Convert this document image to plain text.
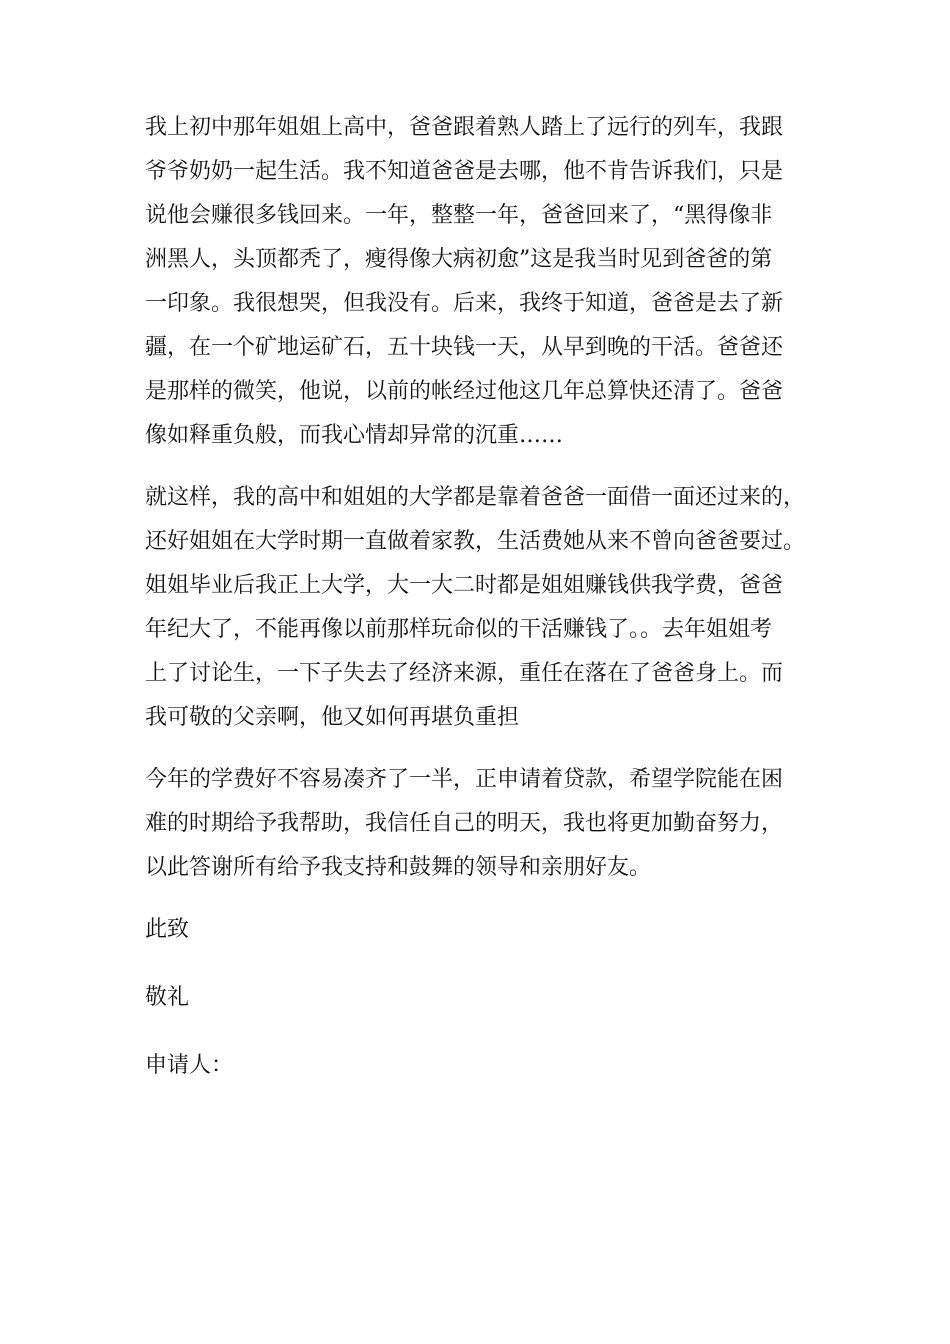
我上初中那年姐姐上高中，爸爸跟着熟人踏上了远行的列车，我跟
爷爷奶奶一起生活。我不知道爸爸是去哪，他不肯告诉我们，只是
说他会赚很多钱回来。一年，整整一年，爸爸回来了，“黑得像非
洲黑人，头顶都秃了，瘦得像大病初愈”这是我当时见到爸爸的第
一印象。我很想哭，但我没有。后来，我终于知道，爸爸是去了新
疆，在一个矿地运矿石，五十块钱一天，从早到晚的干活。爸爸还
是那样的微笑，他说，以前的帐经过他这几年总算快还清了。爸爸
像如释重负般，而我心情却异常的沉重……
就这样，我的高中和姐姐的大学都是靠着爸爸一面借一面还过来的，
还好姐姐在大学时期一直做着家教，生活费她从来不曾向爸爸要过。
姐姐毕业后我正上大学，大一大二时都是姐姐赚钱供我学费，爸爸
年纪大了，不能再像以前那样玩命似的干活赚钱了。。去年姐姐考
上了讨论生，一下子失去了经济来源，重任在落在了爸爸身上。而
我可敬的父亲啊，他又如何再堪负重担
今年的学费好不容易凑齐了一半，正申请着贷款，希望学院能在困
难的时期给予我帮助，我信任自己的明天，我也将更加勤奋努力，
以此答谢所有给予我支持和鼓舞的领导和亲朋好友。
此致
敬礼
申请人：
